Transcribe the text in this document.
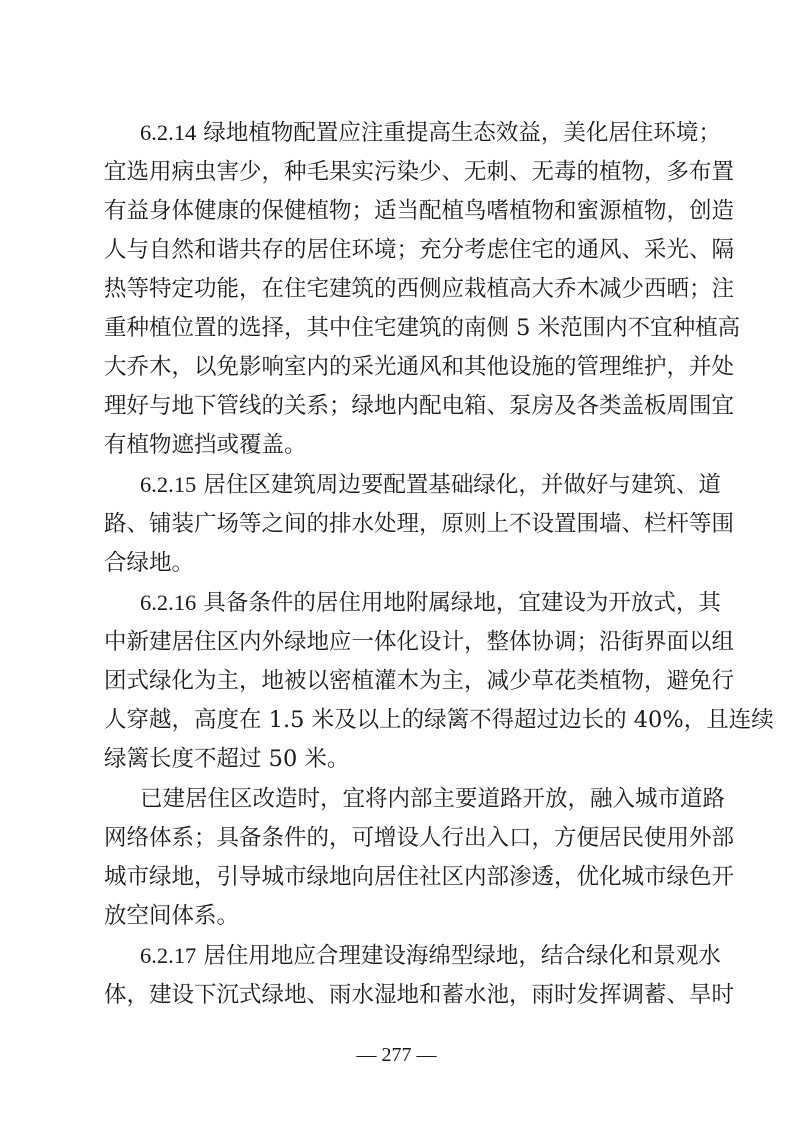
6.2.14 绿地植物配置应注重提高生态效益，美化居住环境；
宜选用病虫害少，种毛果实污染少、无刺、无毒的植物，多布置
有益身体健康的保健植物；适当配植鸟嗜植物和蜜源植物，创造
人与自然和谐共存的居住环境；充分考虑住宅的通风、采光、隔
热等特定功能，在住宅建筑的西侧应栽植高大乔木减少西晒；注
重种植位置的选择，其中住宅建筑的南侧 5 米范围内不宜种植高
大乔木，以免影响室内的采光通风和其他设施的管理维护，并处
理好与地下管线的关系；绿地内配电箱、泵房及各类盖板周围宜
有植物遮挡或覆盖。
6.2.15 居住区建筑周边要配置基础绿化，并做好与建筑、道
路、铺装广场等之间的排水处理，原则上不设置围墙、栏杆等围
合绿地。
6.2.16 具备条件的居住用地附属绿地，宜建设为开放式，其
中新建居住区内外绿地应一体化设计，整体协调；沿街界面以组
团式绿化为主，地被以密植灌木为主，减少草花类植物，避免行
人穿越，高度在 1.5 米及以上的绿篱不得超过边长的 40%，且连续
绿篱长度不超过 50 米。
已建居住区改造时，宜将内部主要道路开放，融入城市道路
网络体系；具备条件的，可增设人行出入口，方便居民使用外部
城市绿地，引导城市绿地向居住社区内部渗透，优化城市绿色开
放空间体系。
6.2.17 居住用地应合理建设海绵型绿地，结合绿化和景观水
体，建设下沉式绿地、雨水湿地和蓄水池，雨时发挥调蓄、旱时
— 277 —
